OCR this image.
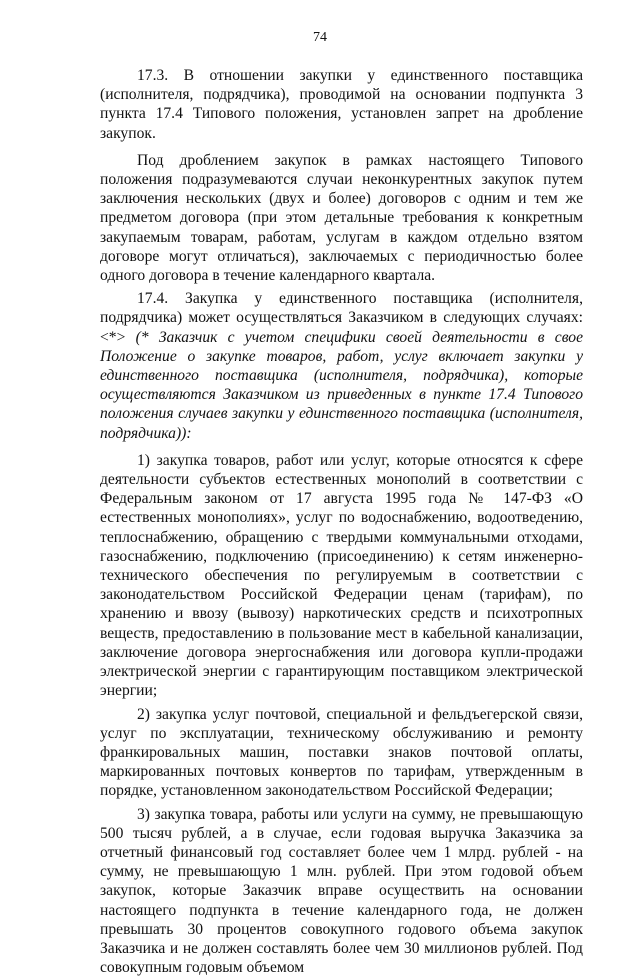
74

17.3. В отношении закупки у единственного поставщика (исполнителя, подрядчика), проводимой на основании подпункта 3 пункта 17.4 Типового положения, установлен запрет на дробление закупок.

Под дроблением закупок в рамках настоящего Типового положения подразумеваются случаи неконкурентных закупок путем заключения нескольких (двух и более) договоров с одним и тем же предметом договора (при этом детальные требования к конкретным закупаемым товарам, работам, услугам в каждом отдельно взятом договоре могут отличаться), заключаемых с периодичностью более одного договора в течение календарного квартала.

17.4. Закупка у единственного поставщика (исполнителя, подрядчика) может осуществляться Заказчиком в следующих случаях: <*> (* Заказчик с учетом специфики своей деятельности в свое Положение о закупке товаров, работ, услуг включает закупки у единственного поставщика (исполнителя, подрядчика), которые осуществляются Заказчиком из приведенных в пункте 17.4 Типового положения случаев закупки у единственного поставщика (исполнителя, подрядчика)):

1) закупка товаров, работ или услуг, которые относятся к сфере деятельности субъектов естественных монополий в соответствии с Федеральным законом от 17 августа 1995 года № 147-ФЗ «О естественных монополиях», услуг по водоснабжению, водоотведению, теплоснабжению, обращению с твердыми коммунальными отходами, газоснабжению, подключению (присоединению) к сетям инженерно-технического обеспечения по регулируемым в соответствии с законодательством Российской Федерации ценам (тарифам), по хранению и ввозу (вывозу) наркотических средств и психотропных веществ, предоставлению в пользование мест в кабельной канализации, заключение договора энергоснабжения или договора купли-продажи электрической энергии с гарантирующим поставщиком электрической энергии;

2) закупка услуг почтовой, специальной и фельдъегерской связи, услуг по эксплуатации, техническому обслуживанию и ремонту франкировальных машин, поставки знаков почтовой оплаты, маркированных почтовых конвертов по тарифам, утвержденным в порядке, установленном законодательством Российской Федерации;

3) закупка товара, работы или услуги на сумму, не превышающую 500 тысяч рублей, а в случае, если годовая выручка Заказчика за отчетный финансовый год составляет более чем 1 млрд. рублей - на сумму, не превышающую 1 млн. рублей. При этом годовой объем закупок, которые Заказчик вправе осуществить на основании настоящего подпункта в течение календарного года, не должен превышать 30 процентов совокупного годового объема закупок Заказчика и не должен составлять более чем 30 миллионов рублей. Под совокупным годовым объемом
